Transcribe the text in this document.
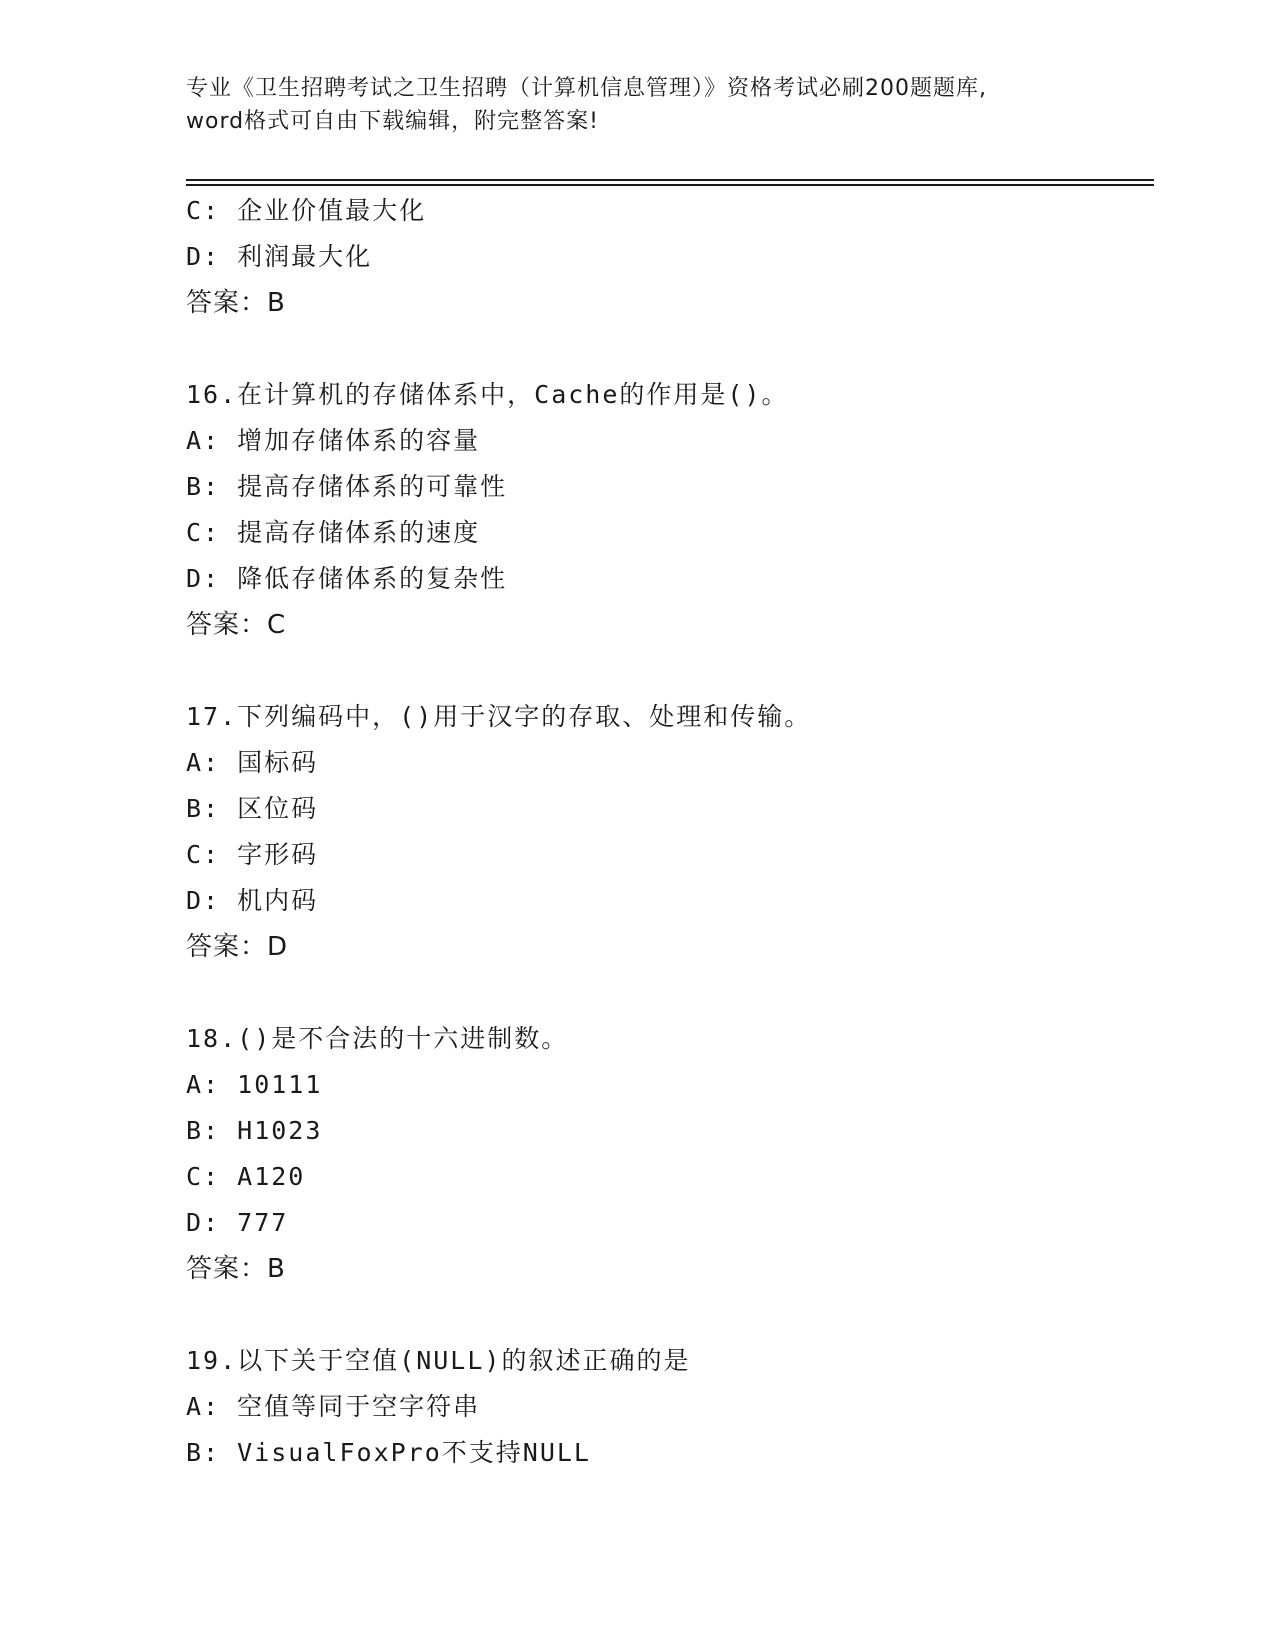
专业《卫生招聘考试之卫生招聘（计算机信息管理）》资格考试必刷200题题库,
word格式可自由下载编辑，附完整答案!
C: 企业价值最大化
D: 利润最大化
答案：B
16.在计算机的存储体系中，Cache的作用是()。
A: 增加存储体系的容量
B: 提高存储体系的可靠性
C: 提高存储体系的速度
D: 降低存储体系的复杂性
答案：C
17.下列编码中，()用于汉字的存取、处理和传输。
A: 国标码
B: 区位码
C: 字形码
D: 机内码
答案：D
18.()是不合法的十六进制数。
A: 10111
B: H1023
C: A120
D: 777
答案：B
19.以下关于空值(NULL)的叙述正确的是
A: 空值等同于空字符串
B: VisualFoxPro不支持NULL
